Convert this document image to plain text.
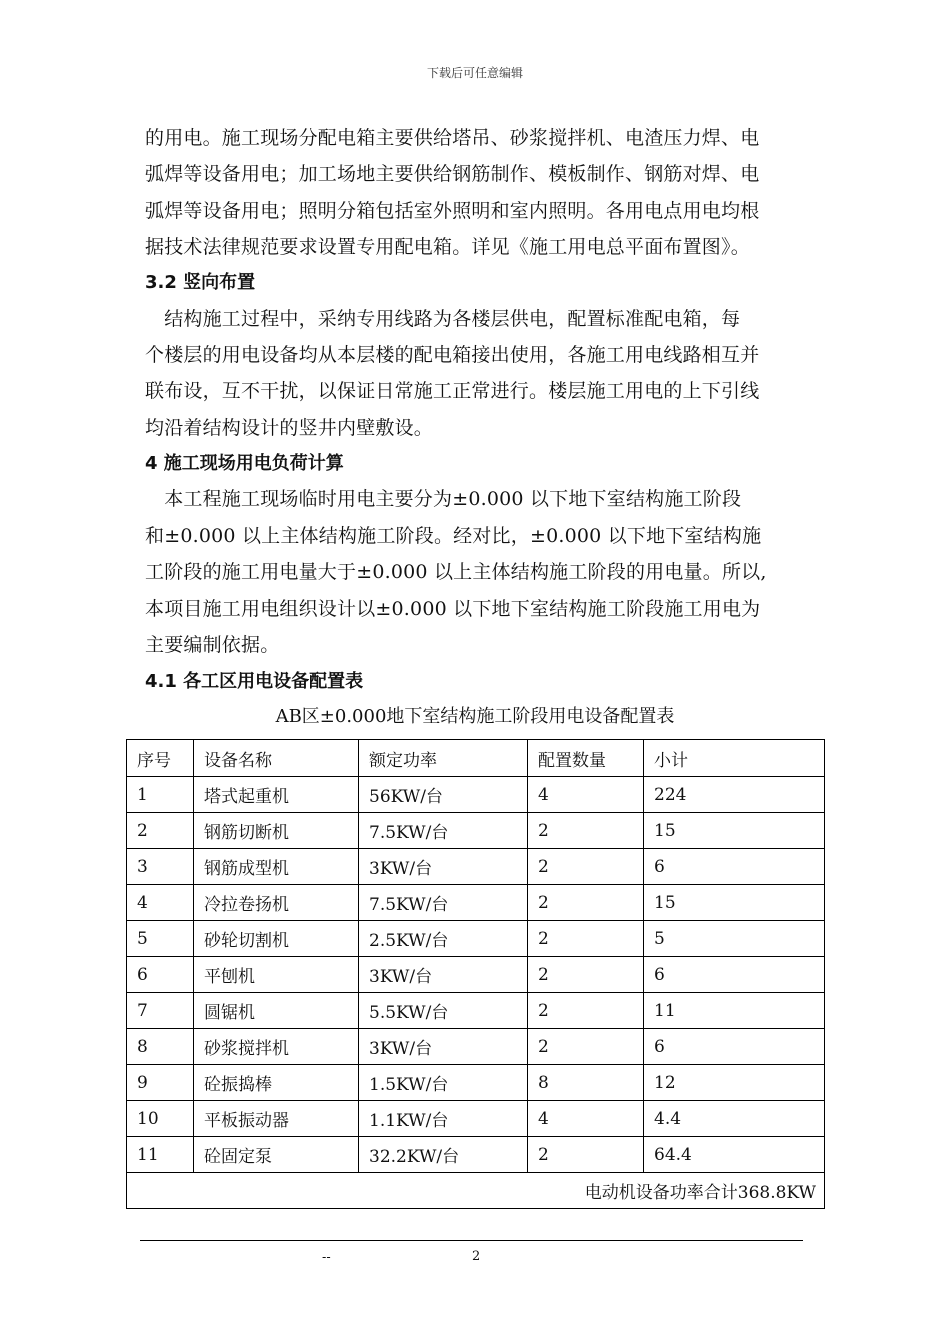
下载后可任意编辑
的用电。施工现场分配电箱主要供给塔吊、砂浆搅拌机、电渣压力焊、电
弧焊等设备用电；加工场地主要供给钢筋制作、模板制作、钢筋对焊、电
弧焊等设备用电；照明分箱包括室外照明和室内照明。各用电点用电均根
据技术法律规范要求设置专用配电箱。详见《施工用电总平面布置图》。
3.2 竖向布置
　结构施工过程中，采纳专用线路为各楼层供电，配置标准配电箱，每
个楼层的用电设备均从本层楼的配电箱接出使用，各施工用电线路相互并
联布设，互不干扰，以保证日常施工正常进行。楼层施工用电的上下引线
均沿着结构设计的竖井内壁敷设。
4 施工现场用电负荷计算
　本工程施工现场临时用电主要分为±0.000 以下地下室结构施工阶段
和±0.000 以上主体结构施工阶段。经对比，±0.000 以下地下室结构施
工阶段的施工用电量大于±0.000 以上主体结构施工阶段的用电量。所以,
本项目施工用电组织设计以±0.000 以下地下室结构施工阶段施工用电为
主要编制依据。
4.1 各工区用电设备配置表
AB区±0.000地下室结构施工阶段用电设备配置表
序号	设备名称	额定功率	配置数量	小计
1	塔式起重机	56KW/台	4	224
2	钢筋切断机	7.5KW/台	2	15
3	钢筋成型机	3KW/台	2	6
4	冷拉卷扬机	7.5KW/台	2	15
5	砂轮切割机	2.5KW/台	2	5
6	平刨机	3KW/台	2	6
7	圆锯机	5.5KW/台	2	11
8	砂浆搅拌机	3KW/台	2	6
9	砼振捣棒	1.5KW/台	8	12
10	平板振动器	1.1KW/台	4	4.4
11	砼固定泵	32.2KW/台	2	64.4
电动机设备功率合计368.8KW				
--	2
